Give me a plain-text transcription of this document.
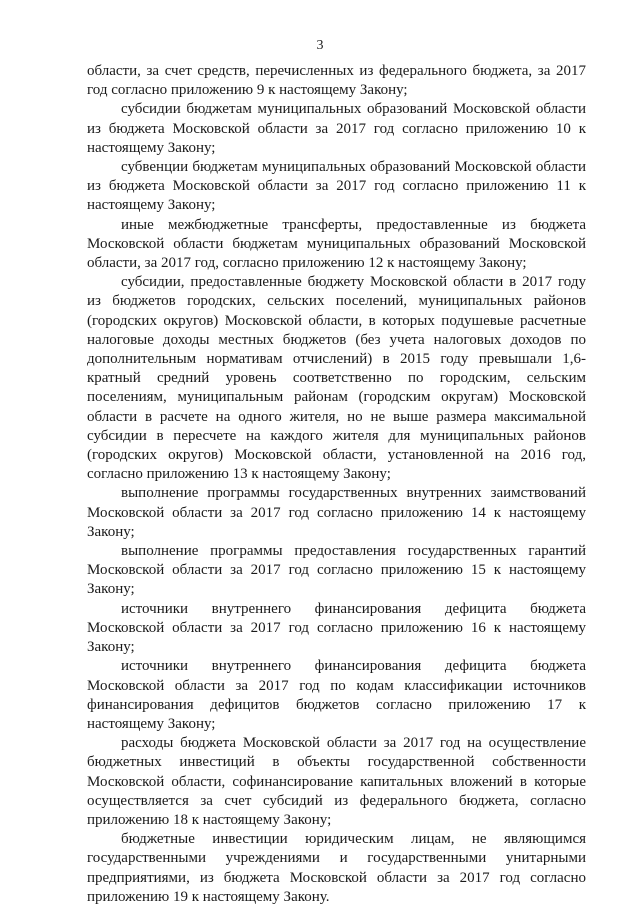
3

области, за счет средств, перечисленных из федерального бюджета, за 2017 год согласно приложению 9 к настоящему Закону;

субсидии бюджетам муниципальных образований Московской области из бюджета Московской области за 2017 год согласно приложению 10 к настоящему Закону;

субвенции бюджетам муниципальных образований Московской области из бюджета Московской области за 2017 год согласно приложению 11 к настоящему Закону;

иные межбюджетные трансферты, предоставленные из бюджета Московской области бюджетам муниципальных образований Московской области, за 2017 год, согласно приложению 12 к настоящему Закону;

субсидии, предоставленные бюджету Московской области в 2017 году из бюджетов городских, сельских поселений, муниципальных районов (городских округов) Московской области, в которых подушевые расчетные налоговые доходы местных бюджетов (без учета налоговых доходов по дополнительным нормативам отчислений) в 2015 году превышали 1,6-кратный средний уровень соответственно по городским, сельским поселениям, муниципальным районам (городским округам) Московской области в расчете на одного жителя, но не выше размера максимальной субсидии в пересчете на каждого жителя для муниципальных районов (городских округов) Московской области, установленной на 2016 год, согласно приложению 13 к настоящему Закону;

выполнение программы государственных внутренних заимствований Московской области за 2017 год согласно приложению 14 к настоящему Закону;

выполнение программы предоставления государственных гарантий Московской области за 2017 год согласно приложению 15 к настоящему Закону;

источники внутреннего финансирования дефицита бюджета Московской области за 2017 год согласно приложению 16 к настоящему Закону;

источники внутреннего финансирования дефицита бюджета Московской области за 2017 год по кодам классификации источников финансирования дефицитов бюджетов согласно приложению 17 к настоящему Закону;

расходы бюджета Московской области за 2017 год на осуществление бюджетных инвестиций в объекты государственной собственности Московской области, софинансирование капитальных вложений в которые осуществляется за счет субсидий из федерального бюджета, согласно приложению 18 к настоящему Закону;

бюджетные инвестиции юридическим лицам, не являющимся государственными учреждениями и государственными унитарными предприятиями, из бюджета Московской области за 2017 год согласно приложению 19 к настоящему Закону.
